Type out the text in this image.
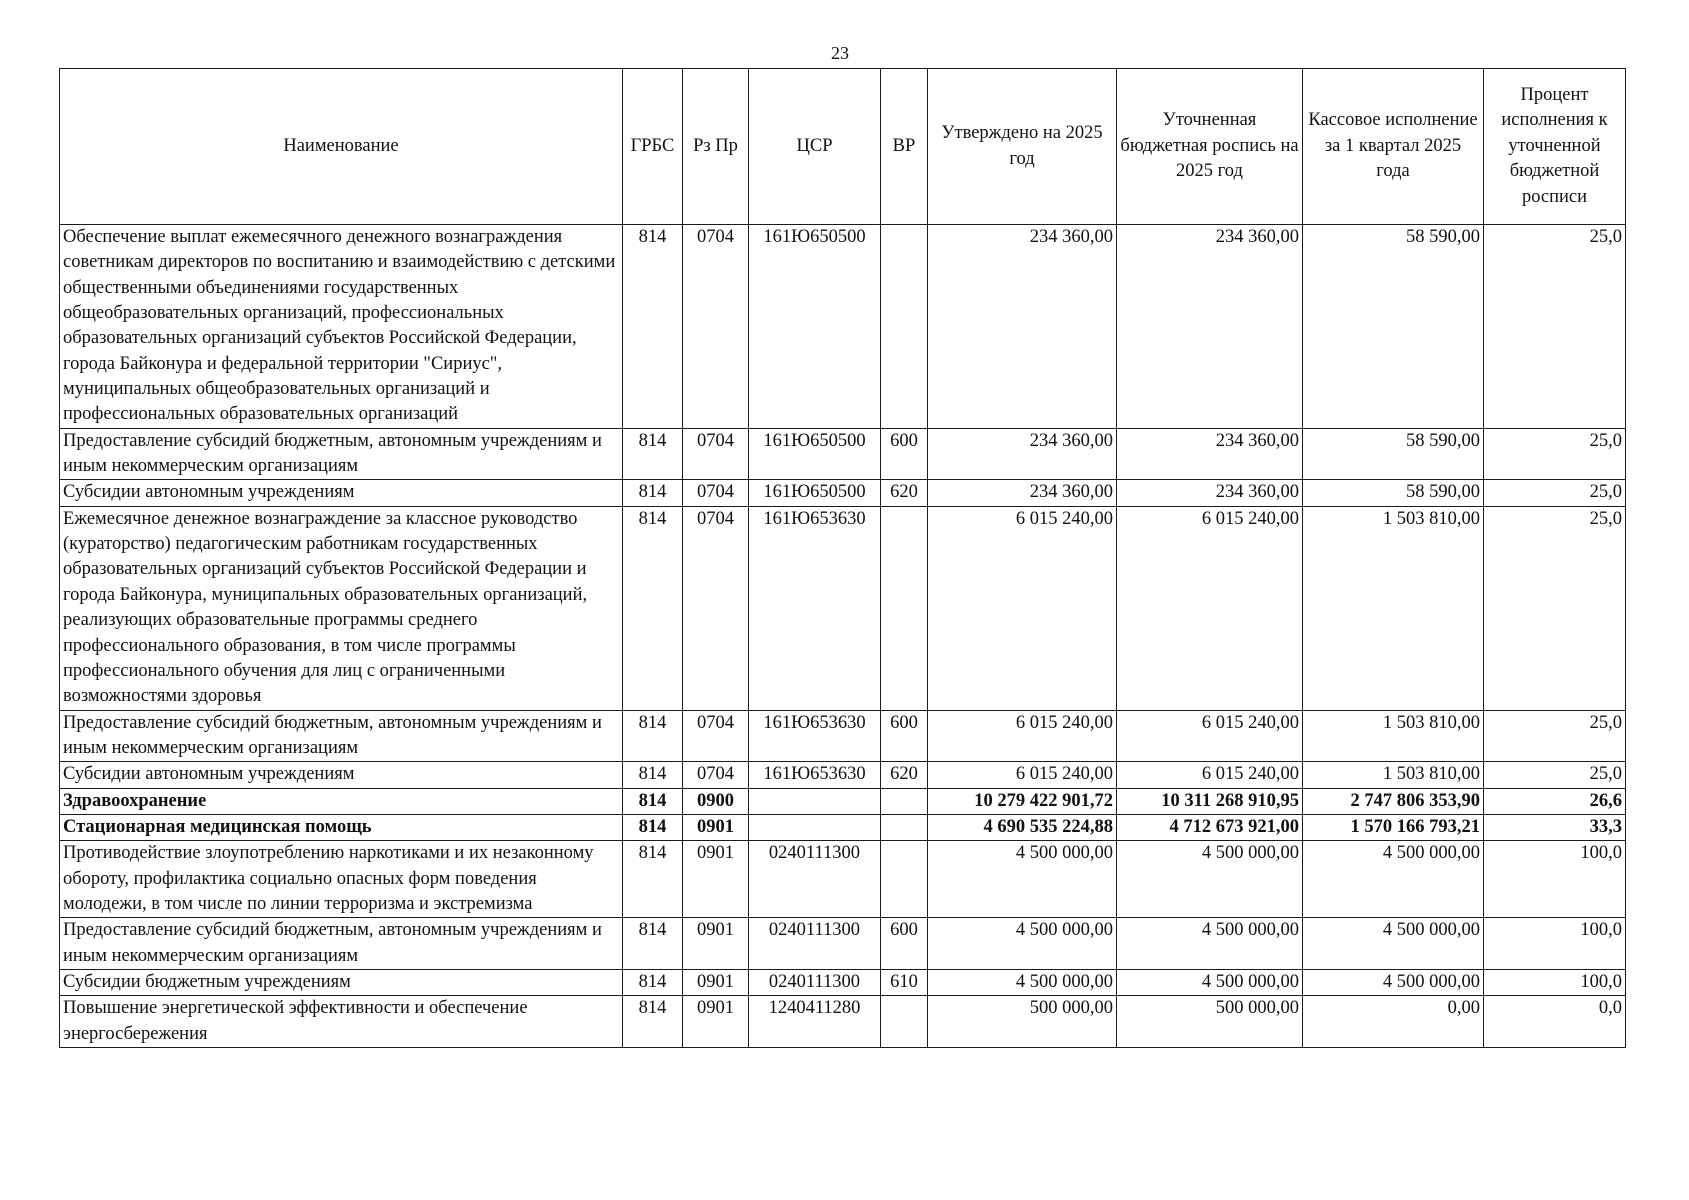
23
Наименование	ГРБС	Рз Пр	ЦСР	ВР	Утверждено на 2025 год	Уточненная бюджетная роспись на 2025 год	Кассовое исполнение за 1 квартал 2025 года	Процент исполнения к уточненной бюджетной росписи
Обеспечение выплат ежемесячного денежного вознаграждения советникам директоров по воспитанию и взаимодействию с детскими общественными объединениями государственных общеобразовательных организаций, профессиональных образовательных организаций субъектов Российской Федерации, города Байконура и федеральной территории "Сириус", муниципальных общеобразовательных организаций и профессиональных образовательных организаций	814	0704	161Ю650500		234 360,00	234 360,00	58 590,00	25,0
Предоставление субсидий бюджетным, автономным учреждениям и иным некоммерческим организациям	814	0704	161Ю650500	600	234 360,00	234 360,00	58 590,00	25,0
Субсидии автономным учреждениям	814	0704	161Ю650500	620	234 360,00	234 360,00	58 590,00	25,0
Ежемесячное денежное вознаграждение за классное руководство (кураторство) педагогическим работникам государственных образовательных организаций субъектов Российской Федерации и города Байконура, муниципальных образовательных организаций, реализующих образовательные программы среднего профессионального образования, в том числе программы профессионального обучения для лиц с ограниченными возможностями здоровья	814	0704	161Ю653630		6 015 240,00	6 015 240,00	1 503 810,00	25,0
Предоставление субсидий бюджетным, автономным учреждениям и иным некоммерческим организациям	814	0704	161Ю653630	600	6 015 240,00	6 015 240,00	1 503 810,00	25,0
Субсидии автономным учреждениям	814	0704	161Ю653630	620	6 015 240,00	6 015 240,00	1 503 810,00	25,0
Здравоохранение	814	0900			10 279 422 901,72	10 311 268 910,95	2 747 806 353,90	26,6
Стационарная медицинская помощь	814	0901			4 690 535 224,88	4 712 673 921,00	1 570 166 793,21	33,3
Противодействие злоупотреблению наркотиками и их незаконному обороту, профилактика социально опасных форм поведения молодежи, в том числе по линии терроризма и экстремизма	814	0901	0240111300		4 500 000,00	4 500 000,00	4 500 000,00	100,0
Предоставление субсидий бюджетным, автономным учреждениям и иным некоммерческим организациям	814	0901	0240111300	600	4 500 000,00	4 500 000,00	4 500 000,00	100,0
Субсидии бюджетным учреждениям	814	0901	0240111300	610	4 500 000,00	4 500 000,00	4 500 000,00	100,0
Повышение энергетической эффективности и обеспечение энергосбережения	814	0901	1240411280		500 000,00	500 000,00	0,00	0,0
